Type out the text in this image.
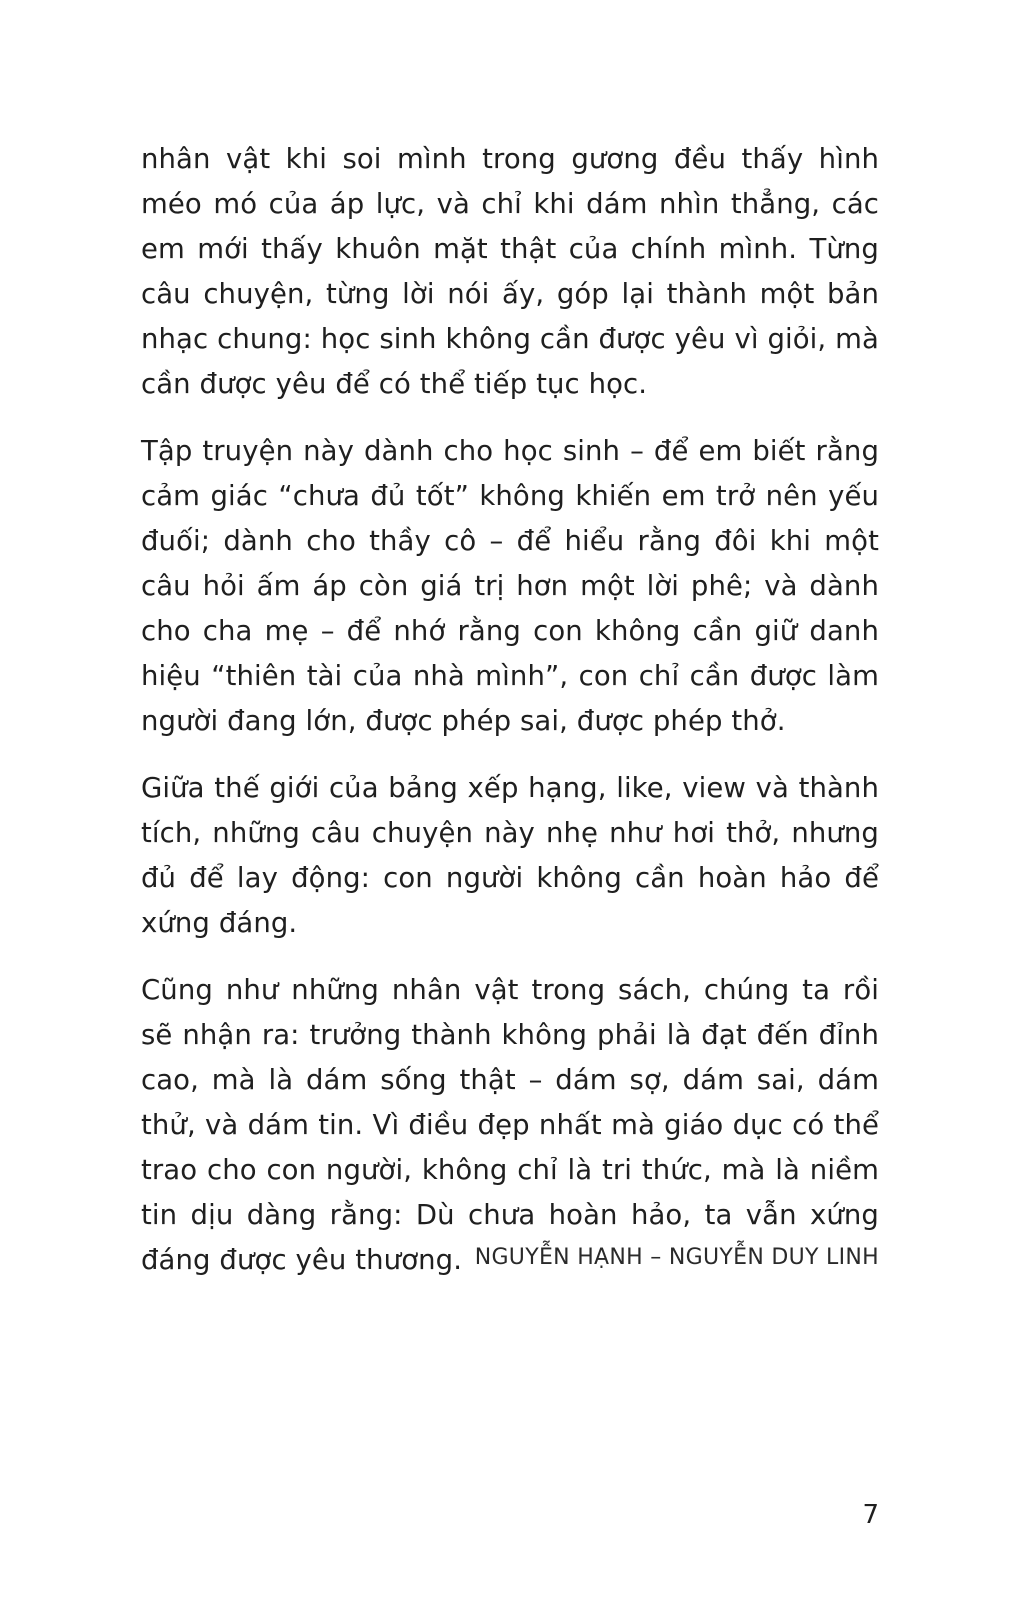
nhân vật khi soi mình trong gương đều thấy hình méo mó của áp lực, và chỉ khi dám nhìn thẳng, các em mới thấy khuôn mặt thật của chính mình. Từng câu chuyện, từng lời nói ấy, góp lại thành một bản nhạc chung: học sinh không cần được yêu vì giỏi, mà cần được yêu để có thể tiếp tục học.

Tập truyện này dành cho học sinh – để em biết rằng cảm giác “chưa đủ tốt” không khiến em trở nên yếu đuối; dành cho thầy cô – để hiểu rằng đôi khi một câu hỏi ấm áp còn giá trị hơn một lời phê; và dành cho cha mẹ – để nhớ rằng con không cần giữ danh hiệu “thiên tài của nhà mình”, con chỉ cần được làm người đang lớn, được phép sai, được phép thở.

Giữa thế giới của bảng xếp hạng, like, view và thành tích, những câu chuyện này nhẹ như hơi thở, nhưng đủ để lay động: con người không cần hoàn hảo để xứng đáng.

Cũng như những nhân vật trong sách, chúng ta rồi sẽ nhận ra: trưởng thành không phải là đạt đến đỉnh cao, mà là dám sống thật – dám sợ, dám sai, dám thử, và dám tin. Vì điều đẹp nhất mà giáo dục có thể trao cho con người, không chỉ là tri thức, mà là niềm tin dịu dàng rằng: Dù chưa hoàn hảo, ta vẫn xứng đáng được yêu thương. NGUYỄN HẠNH – NGUYỄN DUY LINH
7
